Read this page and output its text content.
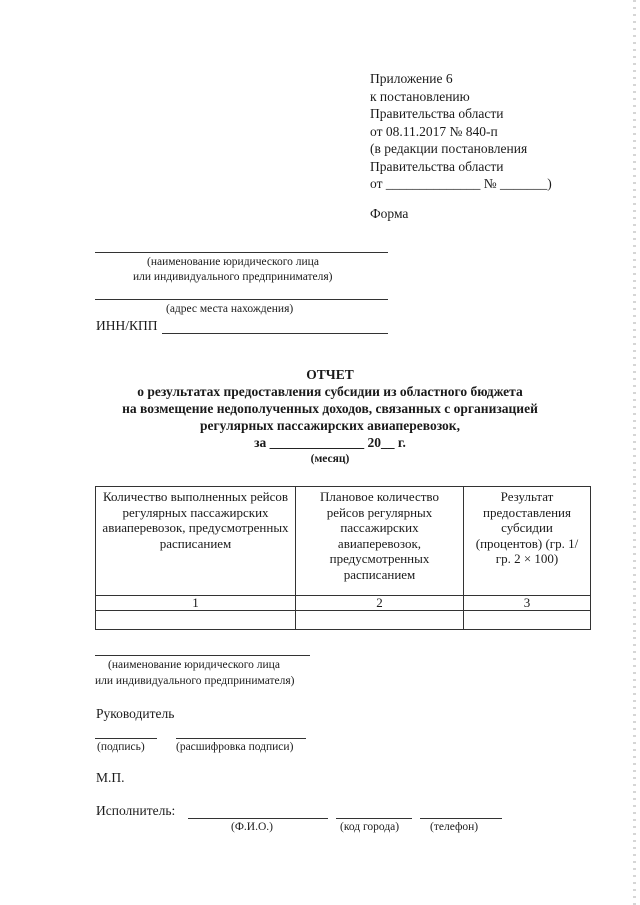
Приложение 6
к постановлению
Правительства области
от 08.11.2017 № 840-п
(в редакции постановления
Правительства области
от ______________ № _______)
Форма
(наименование юридического лица
или индивидуального предпринимателя)
(адрес места нахождения)
ИНН/КПП
ОТЧЕТ
о результатах предоставления субсидии из областного бюджета
на возмещение недополученных доходов, связанных с организацией
регулярных пассажирских авиаперевозок,
за ______________ 20__ г.
(месяц)
Количество выполненных рейсов регулярных пассажирских авиаперевозок, предусмотренных расписанием	Плановое количество рейсов регулярных пассажирских авиаперевозок, предусмотренных расписанием	Результат предоставления субсидии (процентов) (гр. 1/ гр. 2 × 100)
1	2	3

(наименование юридического лица
или индивидуального предпринимателя)
Руководитель
(подпись)	(расшифровка подписи)
М.П.
Исполнитель:
(Ф.И.О.)	(код города)	(телефон)
